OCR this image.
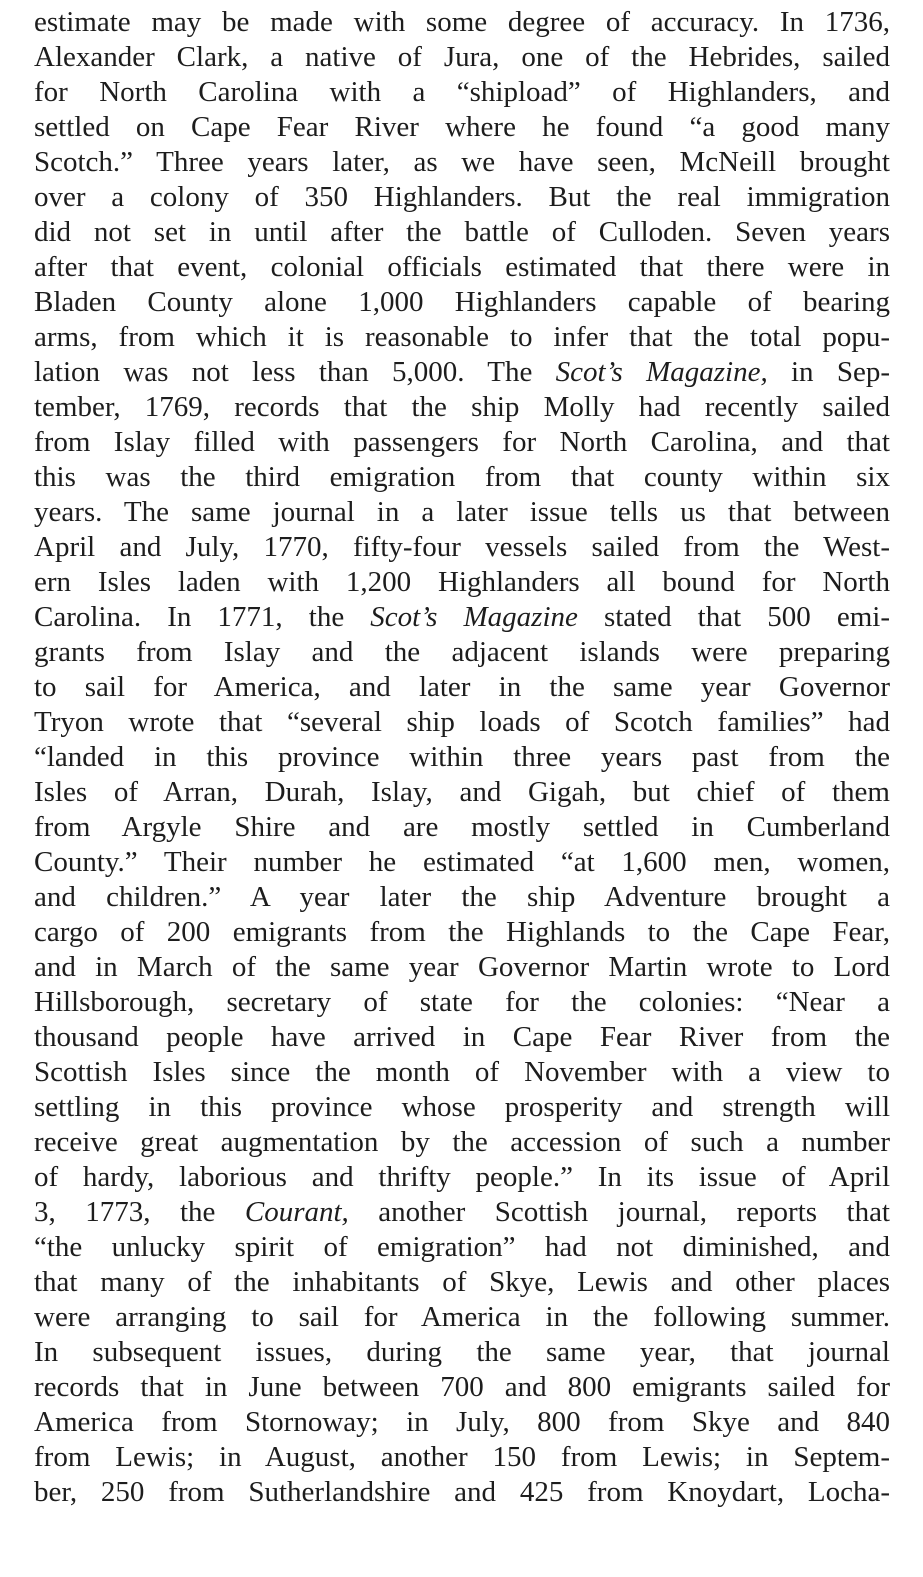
estimate may be made with some degree of accuracy. In 1736,
Alexander Clark, a native of Jura, one of the Hebrides, sailed
for North Carolina with a “shipload” of Highlanders, and
settled on Cape Fear River where he found “a good many
Scotch.” Three years later, as we have seen, McNeill brought
over a colony of 350 Highlanders. But the real immigration
did not set in until after the battle of Culloden. Seven years
after that event, colonial officials estimated that there were in
Bladen County alone 1,000 Highlanders capable of bearing
arms, from which it is reasonable to infer that the total popu-
lation was not less than 5,000. The Scot’s Magazine, in Sep-
tember, 1769, records that the ship Molly had recently sailed
from Islay filled with passengers for North Carolina, and that
this was the third emigration from that county within six
years. The same journal in a later issue tells us that between
April and July, 1770, fifty-four vessels sailed from the West-
ern Isles laden with 1,200 Highlanders all bound for North
Carolina. In 1771, the Scot’s Magazine stated that 500 emi-
grants from Islay and the adjacent islands were preparing
to sail for America, and later in the same year Governor
Tryon wrote that “several ship loads of Scotch families” had
“landed in this province within three years past from the
Isles of Arran, Durah, Islay, and Gigah, but chief of them
from Argyle Shire and are mostly settled in Cumberland
County.” Their number he estimated “at 1,600 men, women,
and children.” A year later the ship Adventure brought a
cargo of 200 emigrants from the Highlands to the Cape Fear,
and in March of the same year Governor Martin wrote to Lord
Hillsborough, secretary of state for the colonies: “Near a
thousand people have arrived in Cape Fear River from the
Scottish Isles since the month of November with a view to
settling in this province whose prosperity and strength will
receive great augmentation by the accession of such a number
of hardy, laborious and thrifty people.” In its issue of April
3, 1773, the Courant, another Scottish journal, reports that
“the unlucky spirit of emigration” had not diminished, and
that many of the inhabitants of Skye, Lewis and other places
were arranging to sail for America in the following summer.
In subsequent issues, during the same year, that journal
records that in June between 700 and 800 emigrants sailed for
America from Stornoway; in July, 800 from Skye and 840
from Lewis; in August, another 150 from Lewis; in Septem-
ber, 250 from Sutherlandshire and 425 from Knoydart, Locha-
